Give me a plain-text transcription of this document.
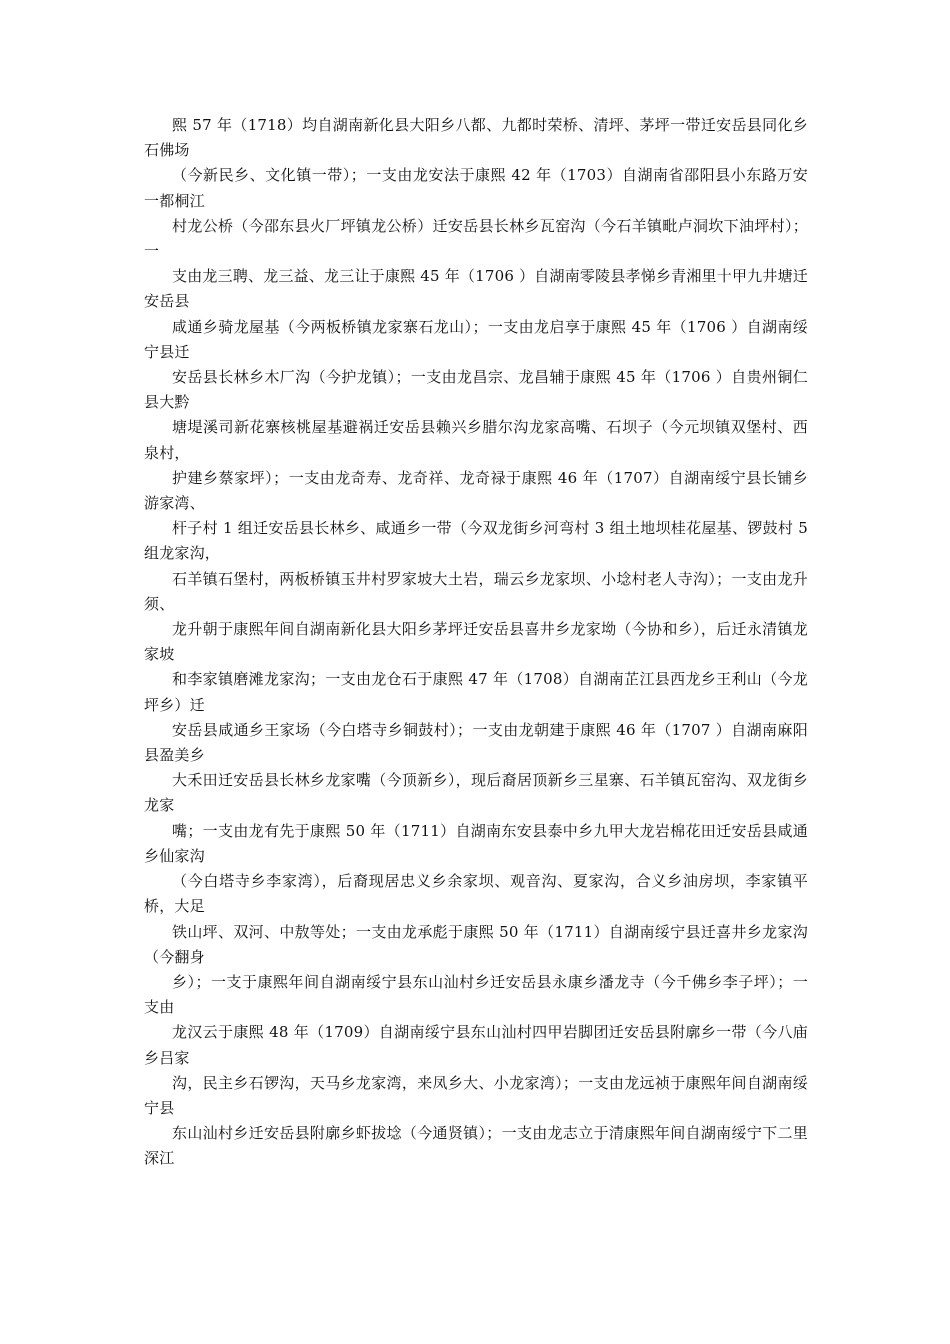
熙 57 年（1718）均自湖南新化县大阳乡八都、九都时荣桥、清坪、茅坪一带迁安岳县同化乡石佛场

（今新民乡、文化镇一带）；一支由龙安法于康熙 42 年（1703）自湖南省邵阳县小东路万安一都桐江

村龙公桥（今邵东县火厂坪镇龙公桥）迁安岳县长林乡瓦窑沟（今石羊镇毗卢洞坎下油坪村）；一

支由龙三聘、龙三益、龙三让于康熙 45 年（1706 ）自湖南零陵县孝悌乡青湘里十甲九井塘迁安岳县

咸通乡骑龙屋基（今两板桥镇龙家寨石龙山）；一支由龙启享于康熙 45 年（1706 ）自湖南绥宁县迁

安岳县长林乡木厂沟（今护龙镇）；一支由龙昌宗、龙昌辅于康熙 45 年（1706 ）自贵州铜仁县大黔

塘堤溪司新花寨核桃屋基避祸迁安岳县赖兴乡腊尔沟龙家高嘴、石坝子（今元坝镇双堡村、西泉村，

护建乡蔡家坪）；一支由龙奇寿、龙奇祥、龙奇禄于康熙 46 年（1707）自湖南绥宁县长铺乡游家湾、

杆子村 1 组迁安岳县长林乡、咸通乡一带（今双龙街乡河弯村 3 组土地坝桂花屋基、锣鼓村 5 组龙家沟，

石羊镇石堡村，两板桥镇玉井村罗家坡大土岩，瑞云乡龙家坝、小埝村老人寺沟）；一支由龙升须、

龙升朝于康熙年间自湖南新化县大阳乡茅坪迁安岳县喜井乡龙家坳（今协和乡），后迁永清镇龙家坡

和李家镇磨滩龙家沟；一支由龙仓石于康熙 47 年（1708）自湖南芷江县西龙乡王利山（今龙坪乡）迁

安岳县咸通乡王家场（今白塔寺乡铜鼓村）；一支由龙朝建于康熙 46 年（1707 ）自湖南麻阳县盈美乡

大禾田迁安岳县长林乡龙家嘴（今顶新乡），现后裔居顶新乡三星寨、石羊镇瓦窑沟、双龙街乡龙家

嘴；一支由龙有先于康熙 50 年（1711）自湖南东安县泰中乡九甲大龙岩棉花田迁安岳县咸通乡仙家沟

（今白塔寺乡李家湾），后裔现居忠义乡余家坝、观音沟、夏家沟，合义乡油房坝，李家镇平桥，大足

铁山坪、双河、中敖等处；一支由龙承彪于康熙 50 年（1711）自湖南绥宁县迁喜井乡龙家沟（今翻身

乡）；一支于康熙年间自湖南绥宁县东山汕村乡迁安岳县永康乡潘龙寺（今千佛乡李子坪）；一支由

龙汉云于康熙 48 年（1709）自湖南绥宁县东山汕村四甲岩脚团迁安岳县附廓乡一带（今八庙乡吕家

沟，民主乡石锣沟，天马乡龙家湾，来凤乡大、小龙家湾）；一支由龙远祯于康熙年间自湖南绥宁县

东山汕村乡迁安岳县附廓乡虾拔埝（今通贤镇）；一支由龙志立于清康熙年间自湖南绥宁下二里深江
